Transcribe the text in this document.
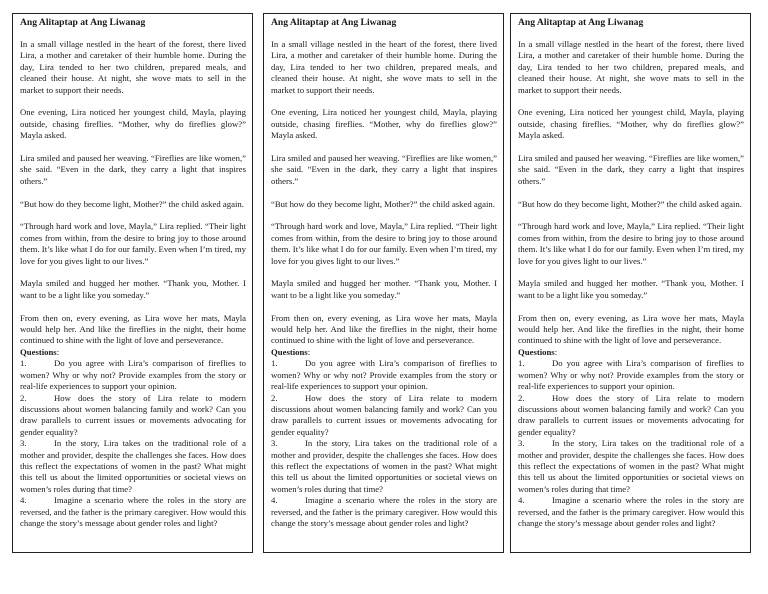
Ang Alitaptap at Ang Liwanag

In a small village nestled in the heart of the forest, there lived Lira, a mother and caretaker of their humble home. During the day, Lira tended to her two children, prepared meals, and cleaned their house. At night, she wove mats to sell in the market to support their needs.

One evening, Lira noticed her youngest child, Mayla, playing outside, chasing fireflies. “Mother, why do fireflies glow?” Mayla asked.

Lira smiled and paused her weaving. “Fireflies are like women,” she said. “Even in the dark, they carry a light that inspires others.”

“But how do they become light, Mother?” the child asked again.

“Through hard work and love, Mayla,” Lira replied. “Their light comes from within, from the desire to bring joy to those around them. It’s like what I do for our family. Even when I’m tired, my love for you gives light to our lives.”

Mayla smiled and hugged her mother. “Thank you, Mother. I want to be a light like you someday.”

From then on, every evening, as Lira wove her mats, Mayla would help her. And like the fireflies in the night, their home continued to shine with the light of love and perseverance.

Questions:

1.	Do you agree with Lira’s comparison of fireflies to women? Why or why not? Provide examples from the story or real-life experiences to support your opinion.

2.	How does the story of Lira relate to modern discussions about women balancing family and work? Can you draw parallels to current issues or movements advocating for gender equality?

3.	In the story, Lira takes on the traditional role of a mother and provider, despite the challenges she faces. How does this reflect the expectations of women in the past? What might this tell us about the limited opportunities or societal views on women’s roles during that time?

4.	Imagine a scenario where the roles in the story are reversed, and the father is the primary caregiver. How would this change the story’s message about gender roles and light?

Ang Alitaptap at Ang Liwanag

In a small village nestled in the heart of the forest, there lived Lira, a mother and caretaker of their humble home. During the day, Lira tended to her two children, prepared meals, and cleaned their house. At night, she wove mats to sell in the market to support their needs.

One evening, Lira noticed her youngest child, Mayla, playing outside, chasing fireflies. “Mother, why do fireflies glow?” Mayla asked.

Lira smiled and paused her weaving. “Fireflies are like women,” she said. “Even in the dark, they carry a light that inspires others.”

“But how do they become light, Mother?” the child asked again.

“Through hard work and love, Mayla,” Lira replied. “Their light comes from within, from the desire to bring joy to those around them. It’s like what I do for our family. Even when I’m tired, my love for you gives light to our lives.”

Mayla smiled and hugged her mother. “Thank you, Mother. I want to be a light like you someday.”

From then on, every evening, as Lira wove her mats, Mayla would help her. And like the fireflies in the night, their home continued to shine with the light of love and perseverance.

Questions:

1.	Do you agree with Lira’s comparison of fireflies to women? Why or why not? Provide examples from the story or real-life experiences to support your opinion.

2.	How does the story of Lira relate to modern discussions about women balancing family and work? Can you draw parallels to current issues or movements advocating for gender equality?

3.	In the story, Lira takes on the traditional role of a mother and provider, despite the challenges she faces. How does this reflect the expectations of women in the past? What might this tell us about the limited opportunities or societal views on women’s roles during that time?

4.	Imagine a scenario where the roles in the story are reversed, and the father is the primary caregiver. How would this change the story’s message about gender roles and light?

Ang Alitaptap at Ang Liwanag

In a small village nestled in the heart of the forest, there lived Lira, a mother and caretaker of their humble home. During the day, Lira tended to her two children, prepared meals, and cleaned their house. At night, she wove mats to sell in the market to support their needs.

One evening, Lira noticed her youngest child, Mayla, playing outside, chasing fireflies. “Mother, why do fireflies glow?” Mayla asked.

Lira smiled and paused her weaving. “Fireflies are like women,” she said. “Even in the dark, they carry a light that inspires others.”

“But how do they become light, Mother?” the child asked again.

“Through hard work and love, Mayla,” Lira replied. “Their light comes from within, from the desire to bring joy to those around them. It’s like what I do for our family. Even when I’m tired, my love for you gives light to our lives.”

Mayla smiled and hugged her mother. “Thank you, Mother. I want to be a light like you someday.”

From then on, every evening, as Lira wove her mats, Mayla would help her. And like the fireflies in the night, their home continued to shine with the light of love and perseverance.

Questions:

1.	Do you agree with Lira’s comparison of fireflies to women? Why or why not? Provide examples from the story or real-life experiences to support your opinion.

2.	How does the story of Lira relate to modern discussions about women balancing family and work? Can you draw parallels to current issues or movements advocating for gender equality?

3.	In the story, Lira takes on the traditional role of a mother and provider, despite the challenges she faces. How does this reflect the expectations of women in the past? What might this tell us about the limited opportunities or societal views on women’s roles during that time?

4.	Imagine a scenario where the roles in the story are reversed, and the father is the primary caregiver. How would this change the story’s message about gender roles and light?
